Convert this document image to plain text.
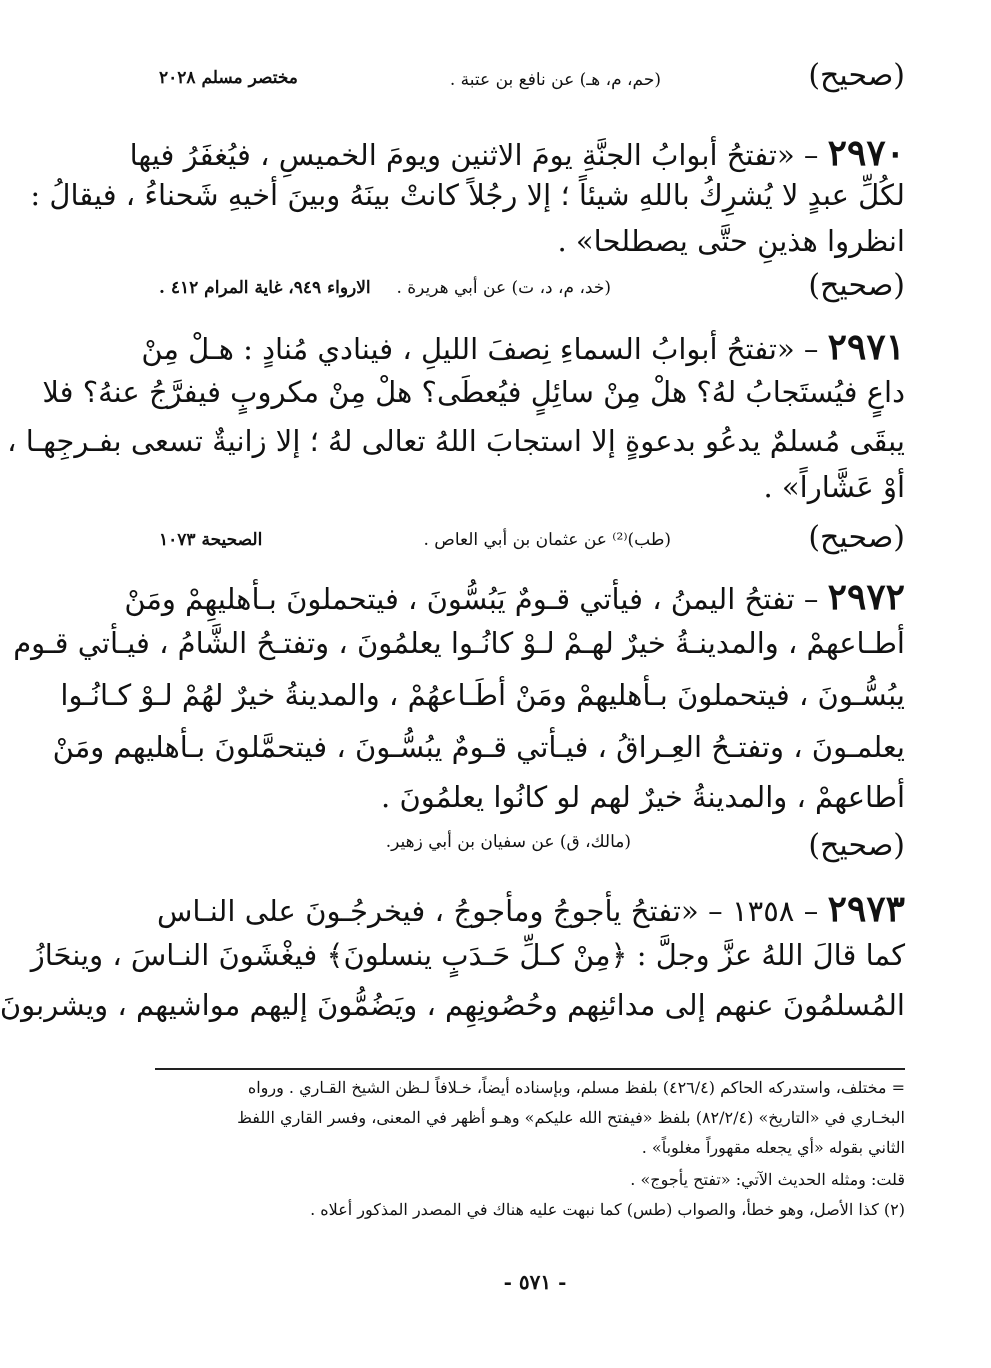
(صحيح)
(حم، م، هـ) عن نافع بن عتبة .
مختصر مسلم ٢٠٢٨
٢٩٧٠ – «تفتحُ أبوابُ الجنَّةِ يومَ الاثنين ويومَ الخميسِ ، فيُغفَرُ فيها
لكُلِّ عبدٍ لا يُشرِكُ باللهِ شيئاً ؛ إلا رجُلاً كانتْ بينَهُ وبينَ أخيهِ شَحناءُ ، فيقالُ :
انظروا هذينِ حتَّى يصطلحا» .
(صحيح)
(خد، م، د، ت) عن أبي هريرة .
الارواء ٩٤٩، غاية المرام ٤١٢ .
٢٩٧١ – «تفتحُ أبوابُ السماءِ نِصفَ الليلِ ، فينادي مُنادٍ : هـلْ مِنْ
داعٍ فيُستَجابُ لهُ؟ هلْ مِنْ سائِلٍ فيُعطَى؟ هلْ مِنْ مكروبٍ فيفرَّجُ عنهُ؟ فلا
يبقَى مُسلمٌ يدعُو بدعوةٍ إلا استجابَ اللهُ تعالى لهُ ؛ إلا زانيةٌ تسعى بفـرجِهـا ،
أوْ عَشَّاراً» .
(صحيح)
(طب)⁽²⁾ عن عثمان بن أبي العاص .
الصحيحة ١٠٧٣
٢٩٧٢ – تفتحُ اليمنُ ، فيأتي قـومٌ يَبُسُّونَ ، فيتحملونَ بـأهليهِمْ ومَنْ
أطـاعهمْ ، والمدينـةُ خيرٌ لهـمْ لـوْ كانُـوا يعلمُونَ ، وتفتـحُ الشَّامُ ، فيـأتي قـوم
يبُسُّـونَ ، فيتحملونَ بـأهليهمْ ومَنْ أطَـاعهُمْ ، والمدينةُ خيرٌ لهُمْ لـوْ كـانُـوا
يعلمـونَ ، وتفتـحُ العِـراقُ ، فيـأتي قـومٌ يبُسُّـونَ ، فيتحمَّلونَ بـأهليهم ومَنْ
أطاعهمْ ، والمدينةُ خيرٌ لهم لو كانُوا يعلمُونَ .
(صحيح)
(مالك، ق) عن سفيان بن أبي زهير.
٢٩٧٣ – ١٣٥٨ – «تفتحُ يأجوجُ ومأجوجُ ، فيخرجُـونَ على النـاس
كما قالَ اللهُ عزَّ وجلَّ : ﴿مِنْ كـلِّ حَـدَبٍ ينسلونَ﴾ فيغْشَونَ النـاسَ ، وينحَازُ
المُسلمُونَ عنهم إلى مدائنِهم وحُصُونِهِم ، ويَضُمُّونَ إليهم مواشيهم ، ويشربونَ
= مختلف، واستدركه الحاكم (٤٢٦/٤) بلفظ مسلم، وبإسناده أيضاً، خـلافاً لـظن الشيخ القـاري . ورواه
البخـاري في «التاريخ» (٨٢/٢/٤) بلفظ «فيفتح الله عليكم» وهـو أظهر في المعنى، وفسر القاري اللفظ
الثاني بقوله «أي يجعله مقهوراً مغلوباً» .
قلت: ومثله الحديث الآتي: «تفتح يأجوج» .
(٢) كذا الأصل، وهو خطأ، والصواب (طس) كما نبهت عليه هناك في المصدر المذكور أعلاه .
- ٥٧١ -
